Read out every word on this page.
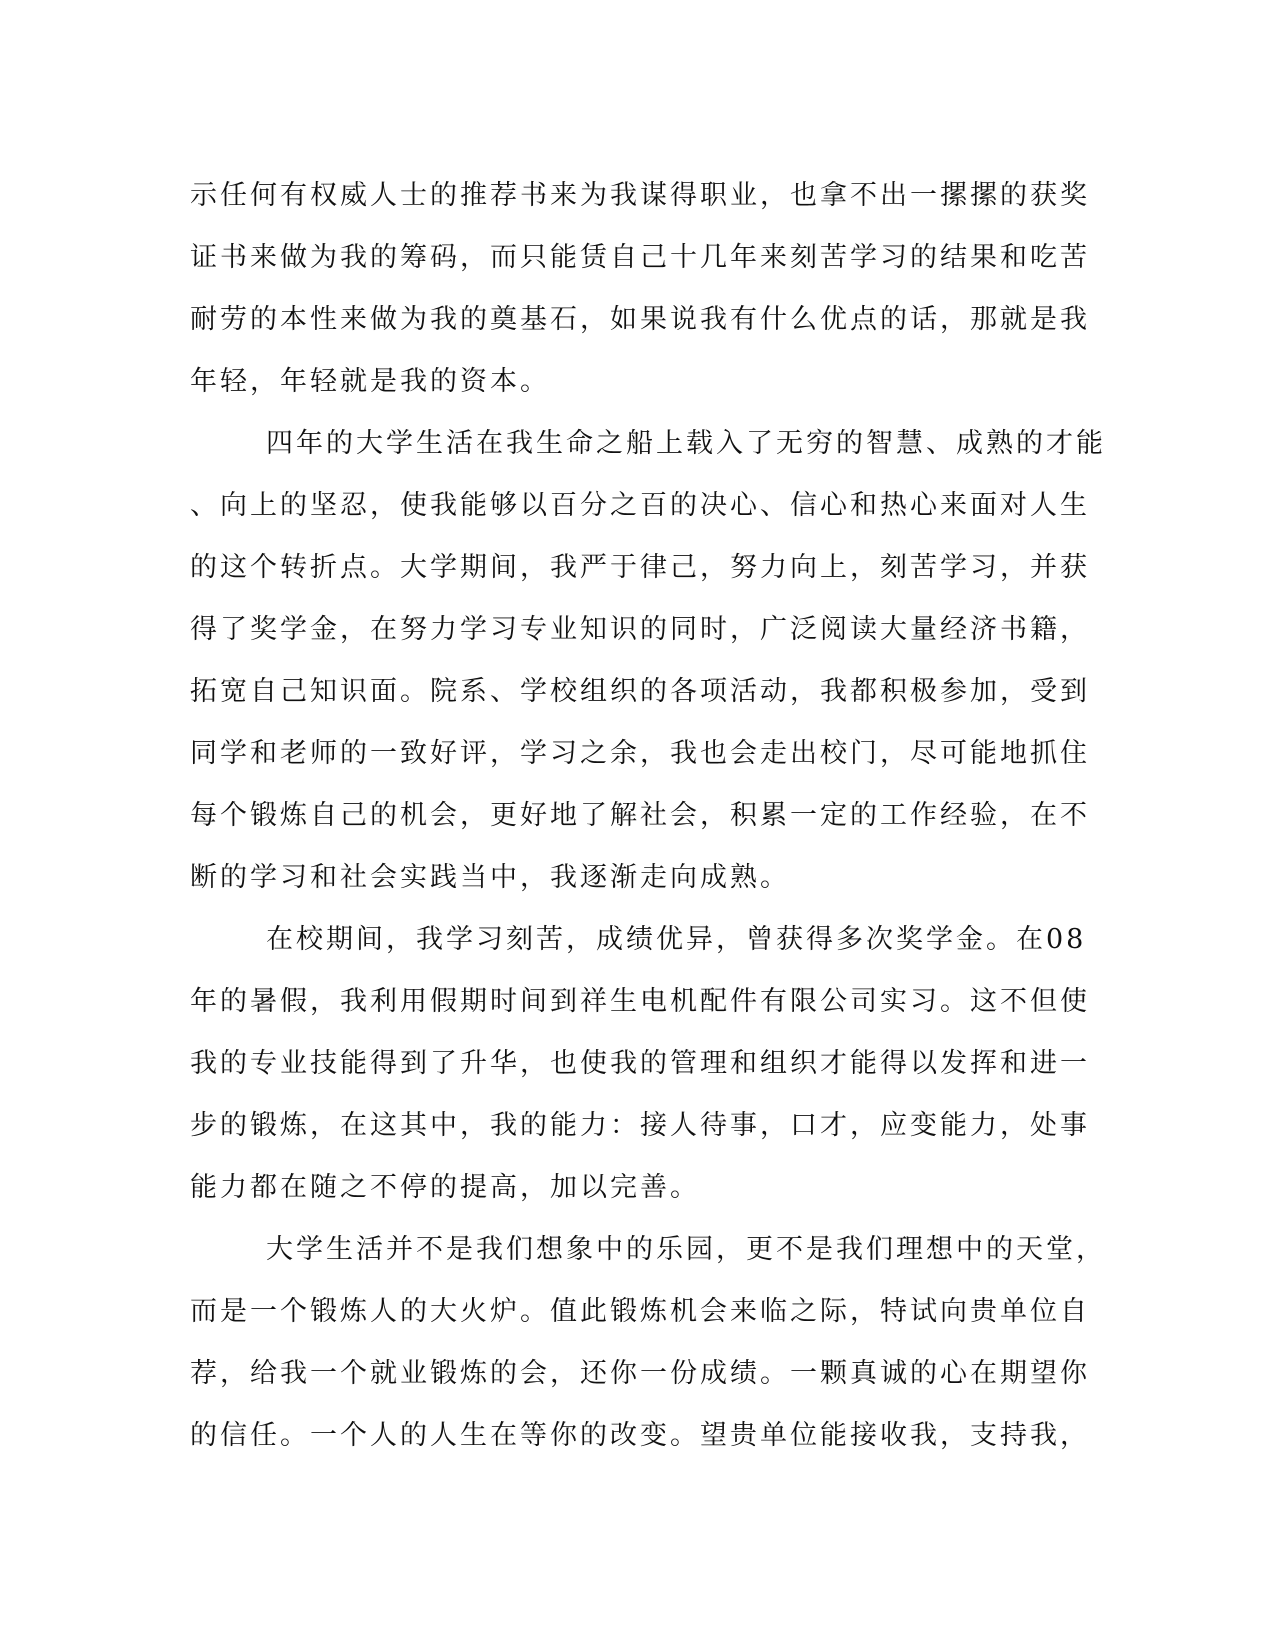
示任何有权威人士的推荐书来为我谋得职业，也拿不出一摞摞的获奖
证书来做为我的筹码，而只能赁自己十几年来刻苦学习的结果和吃苦
耐劳的本性来做为我的奠基石，如果说我有什么优点的话，那就是我
年轻，年轻就是我的资本。
四年的大学生活在我生命之船上载入了无穷的智慧、成熟的才能
、向上的坚忍，使我能够以百分之百的决心、信心和热心来面对人生
的这个转折点。大学期间，我严于律己，努力向上，刻苦学习，并获
得了奖学金，在努力学习专业知识的同时，广泛阅读大量经济书籍，
拓宽自己知识面。院系、学校组织的各项活动，我都积极参加，受到
同学和老师的一致好评，学习之余，我也会走出校门，尽可能地抓住
每个锻炼自己的机会，更好地了解社会，积累一定的工作经验，在不
断的学习和社会实践当中，我逐渐走向成熟。
在校期间，我学习刻苦，成绩优异，曾获得多次奖学金。在08
年的暑假，我利用假期时间到祥生电机配件有限公司实习。这不但使
我的专业技能得到了升华，也使我的管理和组织才能得以发挥和进一
步的锻炼，在这其中，我的能力：接人待事，口才，应变能力，处事
能力都在随之不停的提高，加以完善。
大学生活并不是我们想象中的乐园，更不是我们理想中的天堂，
而是一个锻炼人的大火炉。值此锻炼机会来临之际，特试向贵单位自
荐，给我一个就业锻炼的会，还你一份成绩。一颗真诚的心在期望你
的信任。一个人的人生在等你的改变。望贵单位能接收我，支持我，
